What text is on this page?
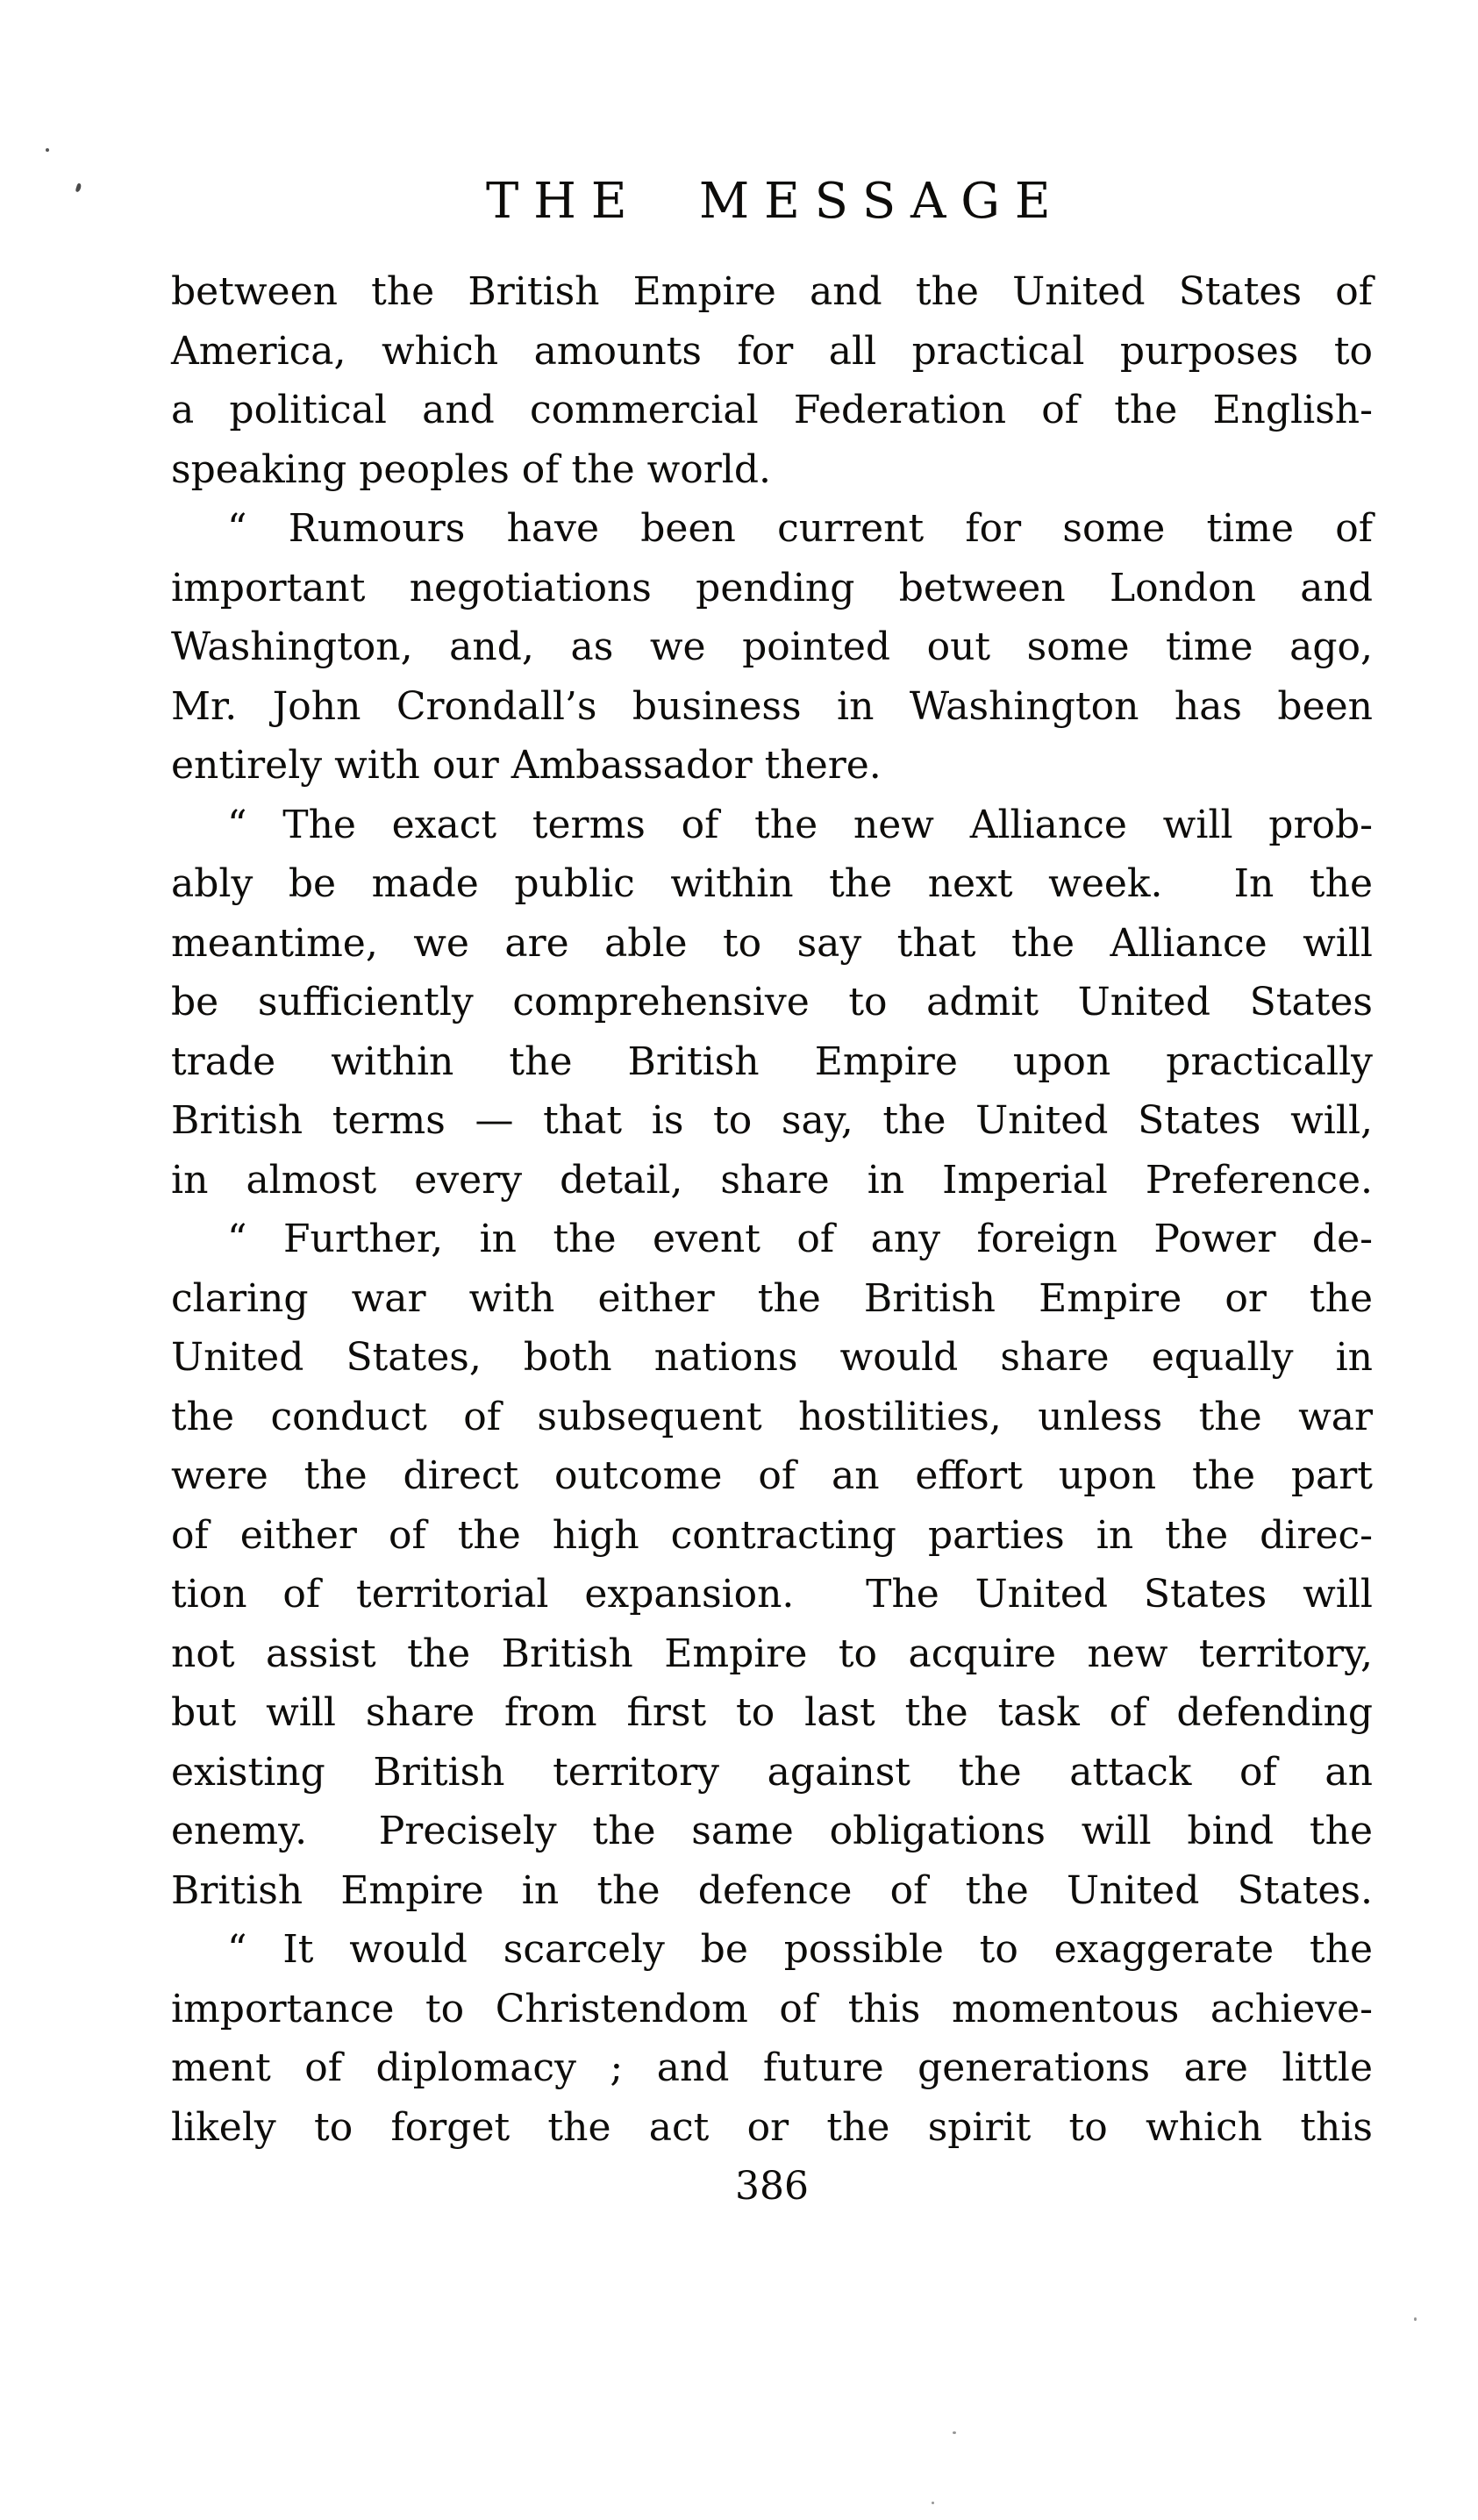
THE MESSAGE
between the British Empire and the United States of
America, which amounts for all practical purposes to
a political and commercial Federation of the English-
speaking peoples of the world.
“ Rumours have been current for some time of
important negotiations pending between London and
Washington, and, as we pointed out some time ago,
Mr. John Crondall’s business in Washington has been
entirely with our Ambassador there.
“ The exact terms of the new Alliance will prob-
ably be made public within the next week.  In the
meantime, we are able to say that the Alliance will
be sufficiently comprehensive to admit United States
trade within the British Empire upon practically
British terms — that is to say, the United States will,
in almost every detail, share in Imperial Preference.
“ Further, in the event of any foreign Power de-
claring war with either the British Empire or the
United States, both nations would share equally in
the conduct of subsequent hostilities, unless the war
were the direct outcome of an effort upon the part
of either of the high contracting parties in the direc-
tion of territorial expansion.  The United States will
not assist the British Empire to acquire new territory,
but will share from first to last the task of defending
existing British territory against the attack of an
enemy.  Precisely the same obligations will bind the
British Empire in the defence of the United States.
“ It would scarcely be possible to exaggerate the
importance to Christendom of this momentous achieve-
ment of diplomacy ; and future generations are little
likely to forget the act or the spirit to which this
386
